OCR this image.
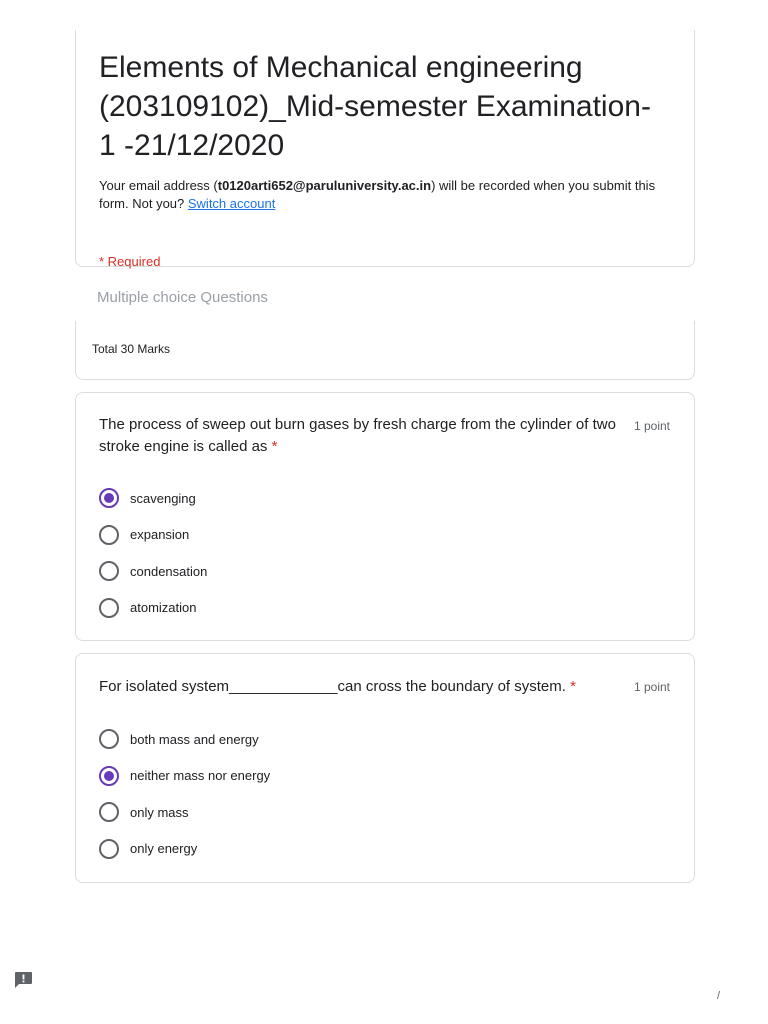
Elements of Mechanical engineering (203109102)_Mid-semester Examination-1 -21/12/2020
Your email address (t0120arti652@paruluniversity.ac.in) will be recorded when you submit this form. Not you? Switch account
* Required
Multiple choice Questions
Total 30 Marks
The process of sweep out burn gases by fresh charge from the cylinder of two stroke engine is called as *
1 point
scavenging
expansion
condensation
atomization
For isolated system_____________can cross the boundary of system. *	1 point
both mass and energy
neither mass nor energy
only mass
only energy
/
